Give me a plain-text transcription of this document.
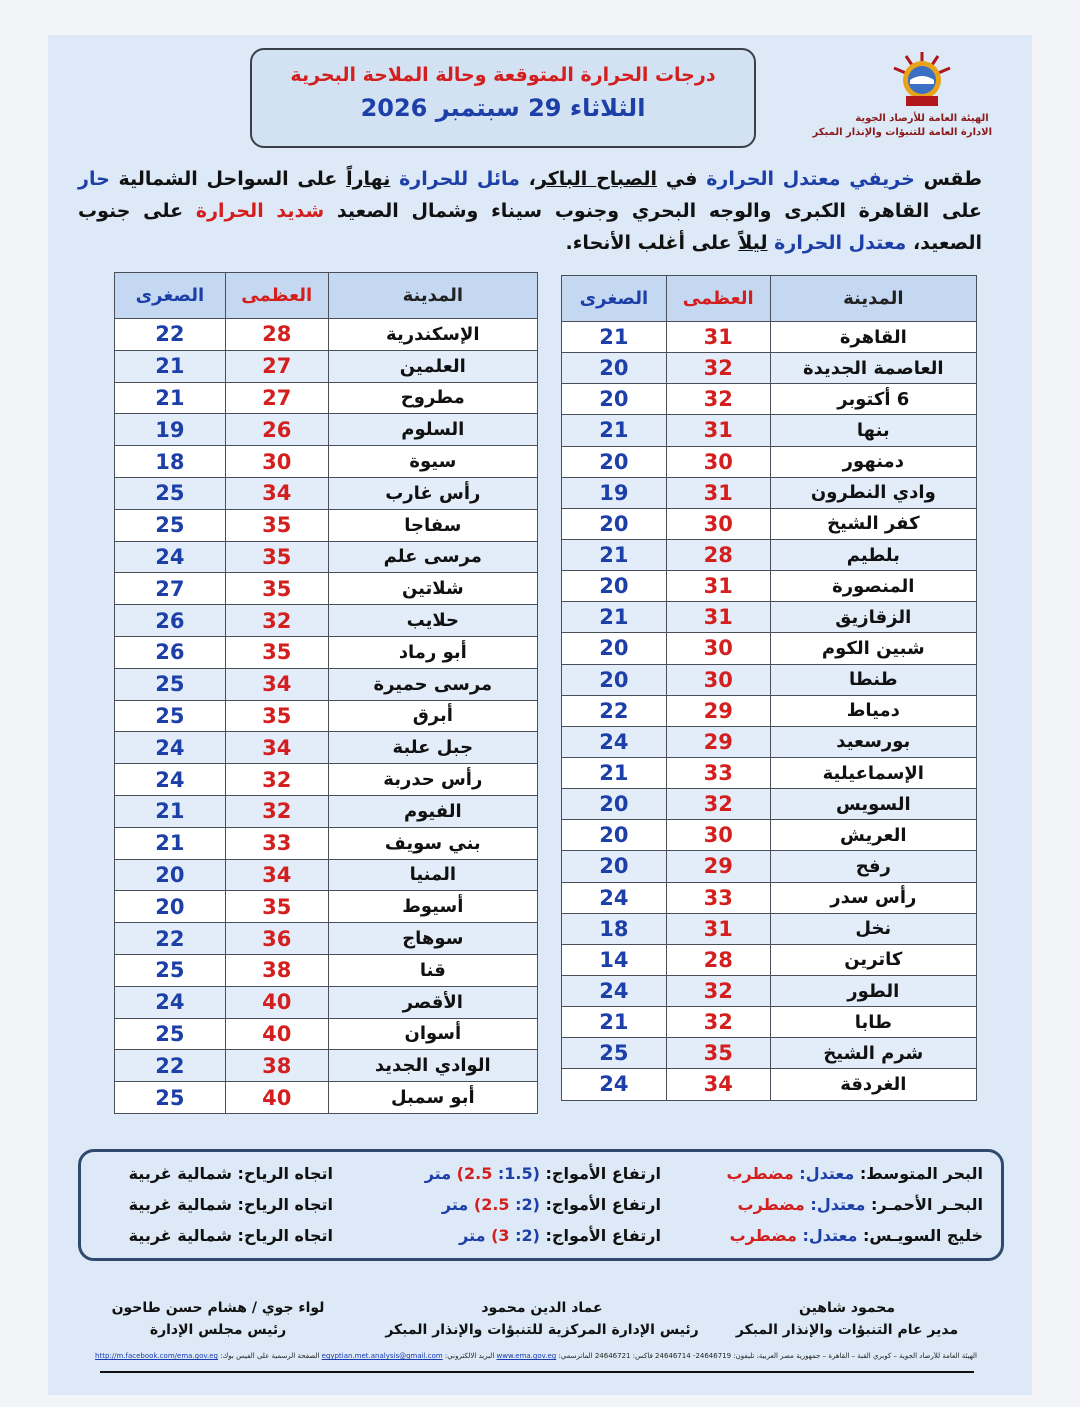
الهيئة العامة للأرصاد الجوية
الادارة العامة للتنبؤات والإنذار المبكر
درجات الحرارة المتوقعة وحالة الملاحة البحرية
الثلاثاء 29 سبتمبر 2026
طقس خريفي معتدل الحرارة في الصباح الباكر، مائل للحرارة نهاراً على السواحل الشمالية حار على القاهرة الكبرى والوجه البحري وجنوب سيناء وشمال الصعيد شديد الحرارة على جنوب الصعيد، معتدل الحرارة ليلاً على أغلب الأنحاء.
المدينة	العظمى	الصغرى
القاهرة	31	21
العاصمة الجديدة	32	20
6 أكتوبر	32	20
بنها	31	21
دمنهور	30	20
وادي النطرون	31	19
كفر الشيخ	30	20
بلطيم	28	21
المنصورة	31	20
الزقازيق	31	21
شبين الكوم	30	20
طنطا	30	20
دمياط	29	22
بورسعيد	29	24
الإسماعيلية	33	21
السويس	32	20
العريش	30	20
رفح	29	20
رأس سدر	33	24
نخل	31	18
كاترين	28	14
الطور	32	24
طابا	32	21
شرم الشيخ	35	25
الغردقة	34	24
المدينة	العظمى	الصغرى
الإسكندرية	28	22
العلمين	27	21
مطروح	27	21
السلوم	26	19
سيوة	30	18
رأس غارب	34	25
سفاجا	35	25
مرسى علم	35	24
شلاتين	35	27
حلايب	32	26
أبو رماد	35	26
مرسى حميرة	34	25
أبرق	35	25
جبل علبة	34	24
رأس حدربة	32	24
الفيوم	32	21
بني سويف	33	21
المنيا	34	20
أسيوط	35	20
سوهاج	36	22
قنا	38	25
الأقصر	40	24
أسوان	40	25
الوادي الجديد	38	22
أبو سمبل	40	25
البحر المتوسط: معتدل: مضطرب
ارتفاع الأمواج: (1.5: 2.5) متر
اتجاه الرياح: شمالية غربية
البحـر الأحمـر: معتدل: مضطرب
ارتفاع الأمواج: (2: 2.5) متر
اتجاه الرياح: شمالية غربية
خليج السويـس: معتدل: مضطرب
ارتفاع الأمواج: (2: 3) متر
اتجاه الرياح: شمالية غربية
محمود شاهين
مدير عام التنبؤات والإنذار المبكر
عماد الدين محمود
رئيس الإدارة المركزية للتنبؤات والإنذار المبكر
لواء جوي / هشام حسن طاحون
رئيس مجلس الإدارة
الهيئة العامة للأرصاد الجوية – كوبري القبة – القاهرة – جمهورية مصر العربية، تليفون: 24646719- 24646714 فاكس: 24646721 الماترسمي: www.ema.gov.eg البريد الالكتروني: egyptian.met.analysis@gmail.com الصفحة الرسمية على الفيس بوك: http://m.facebook.com/ema.gov.eg
